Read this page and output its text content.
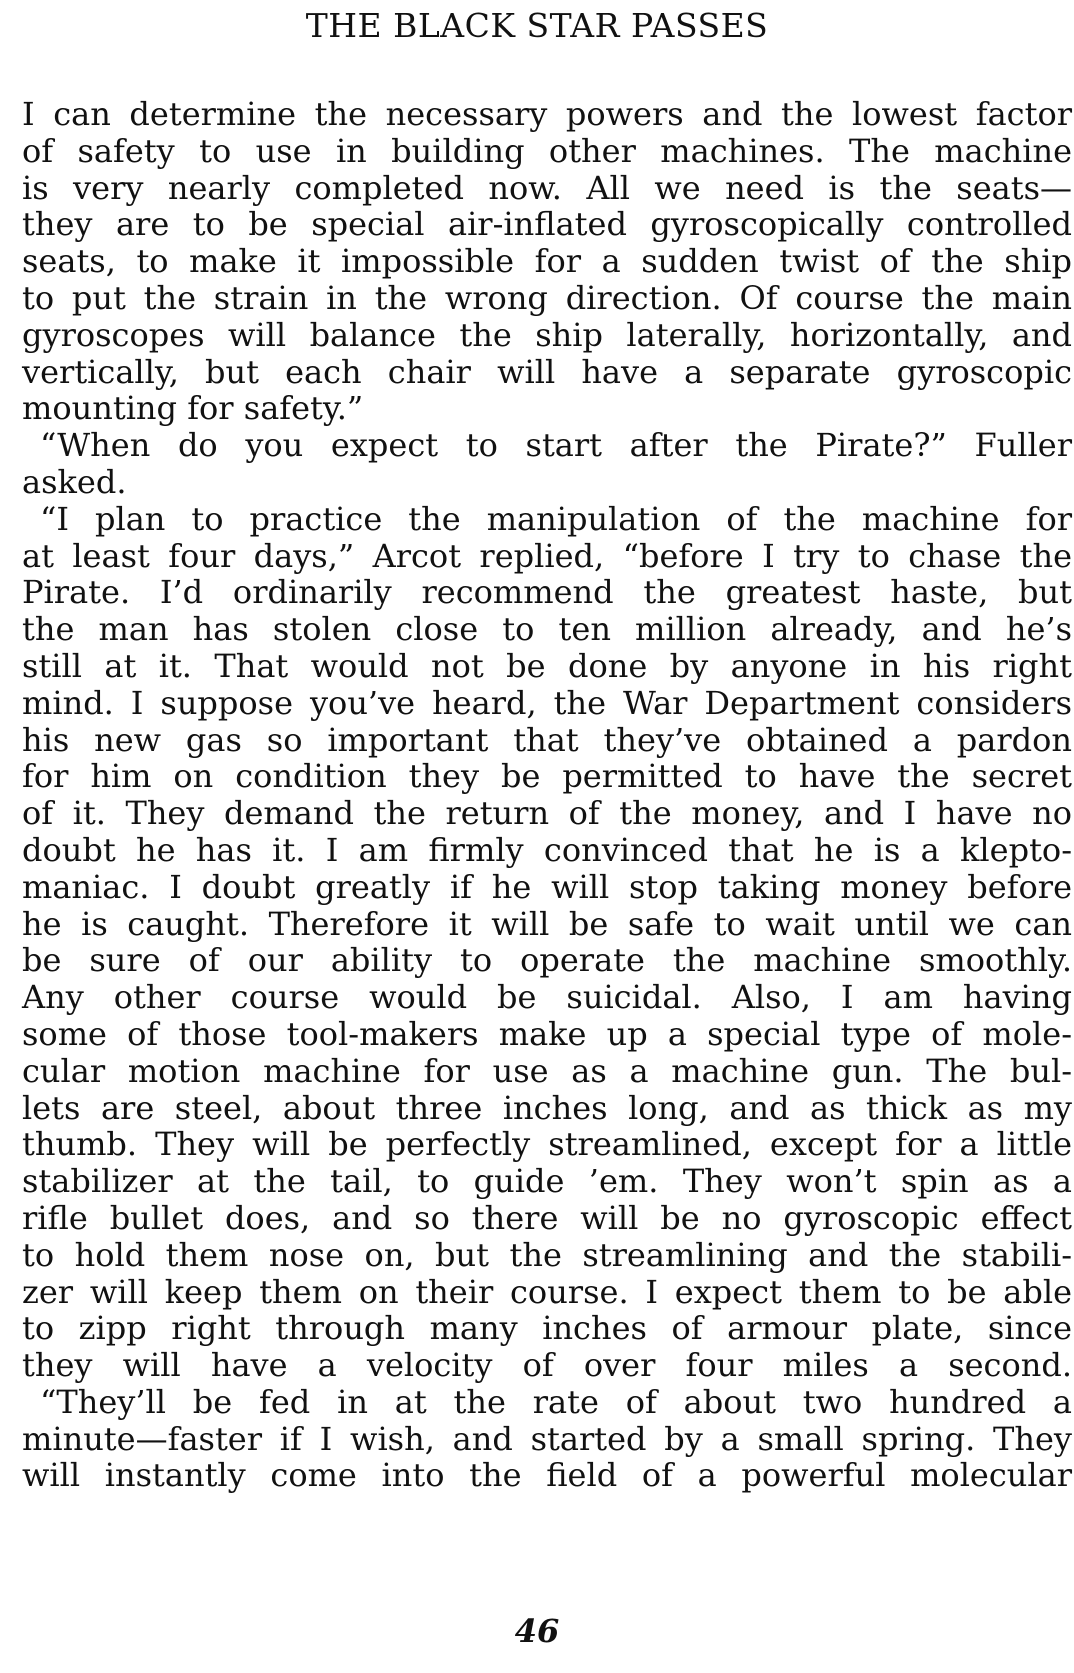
THE BLACK STAR PASSES

I can determine the necessary powers and the lowest factor
of safety to use in building other machines. The machine
is very nearly completed now. All we need is the seats—
they are to be special air-inflated gyroscopically controlled
seats, to make it impossible for a sudden twist of the ship
to put the strain in the wrong direction. Of course the main
gyroscopes will balance the ship laterally, horizontally, and
vertically, but each chair will have a separate gyroscopic
mounting for safety.”

“When do you expect to start after the Pirate?” Fuller
asked.

“I plan to practice the manipulation of the machine for
at least four days,” Arcot replied, “before I try to chase the
Pirate. I’d ordinarily recommend the greatest haste, but
the man has stolen close to ten million already, and he’s
still at it. That would not be done by anyone in his right
mind. I suppose you’ve heard, the War Department considers
his new gas so important that they’ve obtained a pardon
for him on condition they be permitted to have the secret
of it. They demand the return of the money, and I have no
doubt he has it. I am firmly convinced that he is a klepto-
maniac. I doubt greatly if he will stop taking money before
he is caught. Therefore it will be safe to wait until we can
be sure of our ability to operate the machine smoothly.
Any other course would be suicidal. Also, I am having
some of those tool-makers make up a special type of mole-
cular motion machine for use as a machine gun. The bul-
lets are steel, about three inches long, and as thick as my
thumb. They will be perfectly streamlined, except for a little
stabilizer at the tail, to guide ’em. They won’t spin as a
rifle bullet does, and so there will be no gyroscopic effect
to hold them nose on, but the streamlining and the stabili-
zer will keep them on their course. I expect them to be able
to zipp right through many inches of armour plate, since
they will have a velocity of over four miles a second.

“They’ll be fed in at the rate of about two hundred a
minute—faster if I wish, and started by a small spring. They
will instantly come into the field of a powerful molecular

46
